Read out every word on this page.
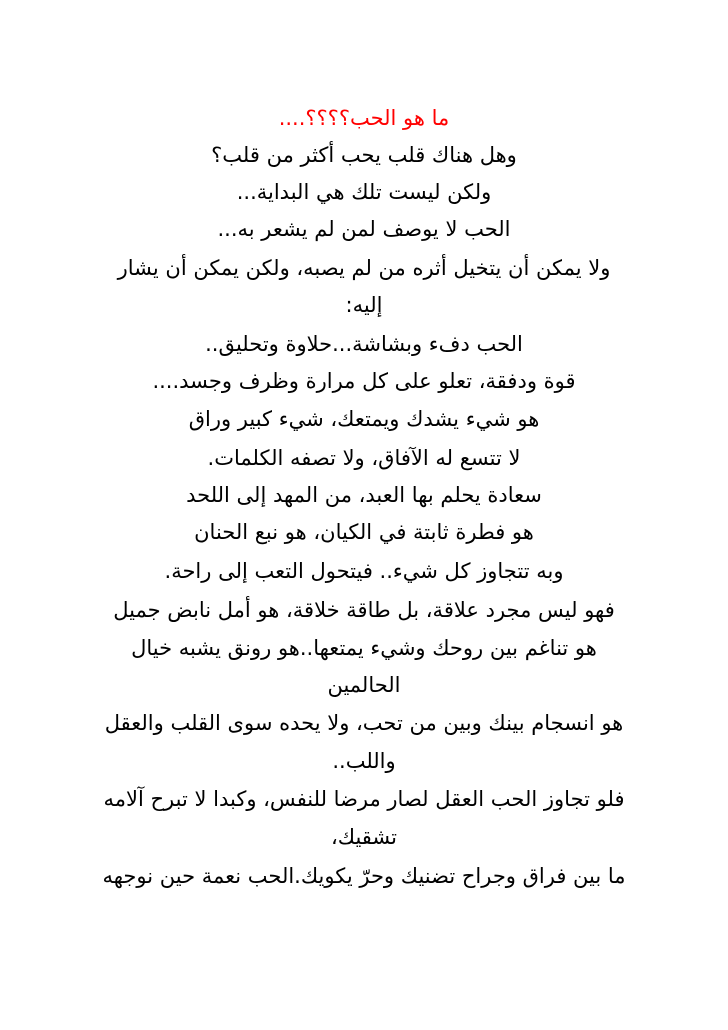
ما هو الحب؟؟؟؟....
وهل هناك قلب يحب أكثر من قلب؟
ولكن ليست تلك هي البداية...
الحب لا يوصف لمن لم يشعر به...
ولا يمكن أن يتخيل أثره من لم يصبه، ولكن يمكن أن يشار
إليه:
الحب دفء وبشاشة...حلاوة وتحليق..
قوة ودفقة، تعلو على كل مرارة وظرف وجسد....
هو شيء يشدك ويمتعك، شيء كبير وراق
لا تتسع له الآفاق، ولا تصفه الكلمات.
سعادة يحلم بها العبد، من المهد إلى اللحد
هو فطرة ثابتة في الكيان، هو نبع الحنان
وبه تتجاوز كل شيء.. فيتحول التعب إلى راحة.
فهو ليس مجرد علاقة، بل طاقة خلاقة، هو أمل نابض جميل
هو تناغم بين روحك وشيء يمتعها..هو رونق يشبه خيال
الحالمين
هو انسجام بينك وبين من تحب، ولا يحده سوى القلب والعقل
واللب..
فلو تجاوز الحب العقل لصار مرضا للنفس، وكبدا لا تبرح آلامه
تشقيك،
ما بين فراق وجراح تضنيك وحرّ يكويك.الحب نعمة حين نوجهه
